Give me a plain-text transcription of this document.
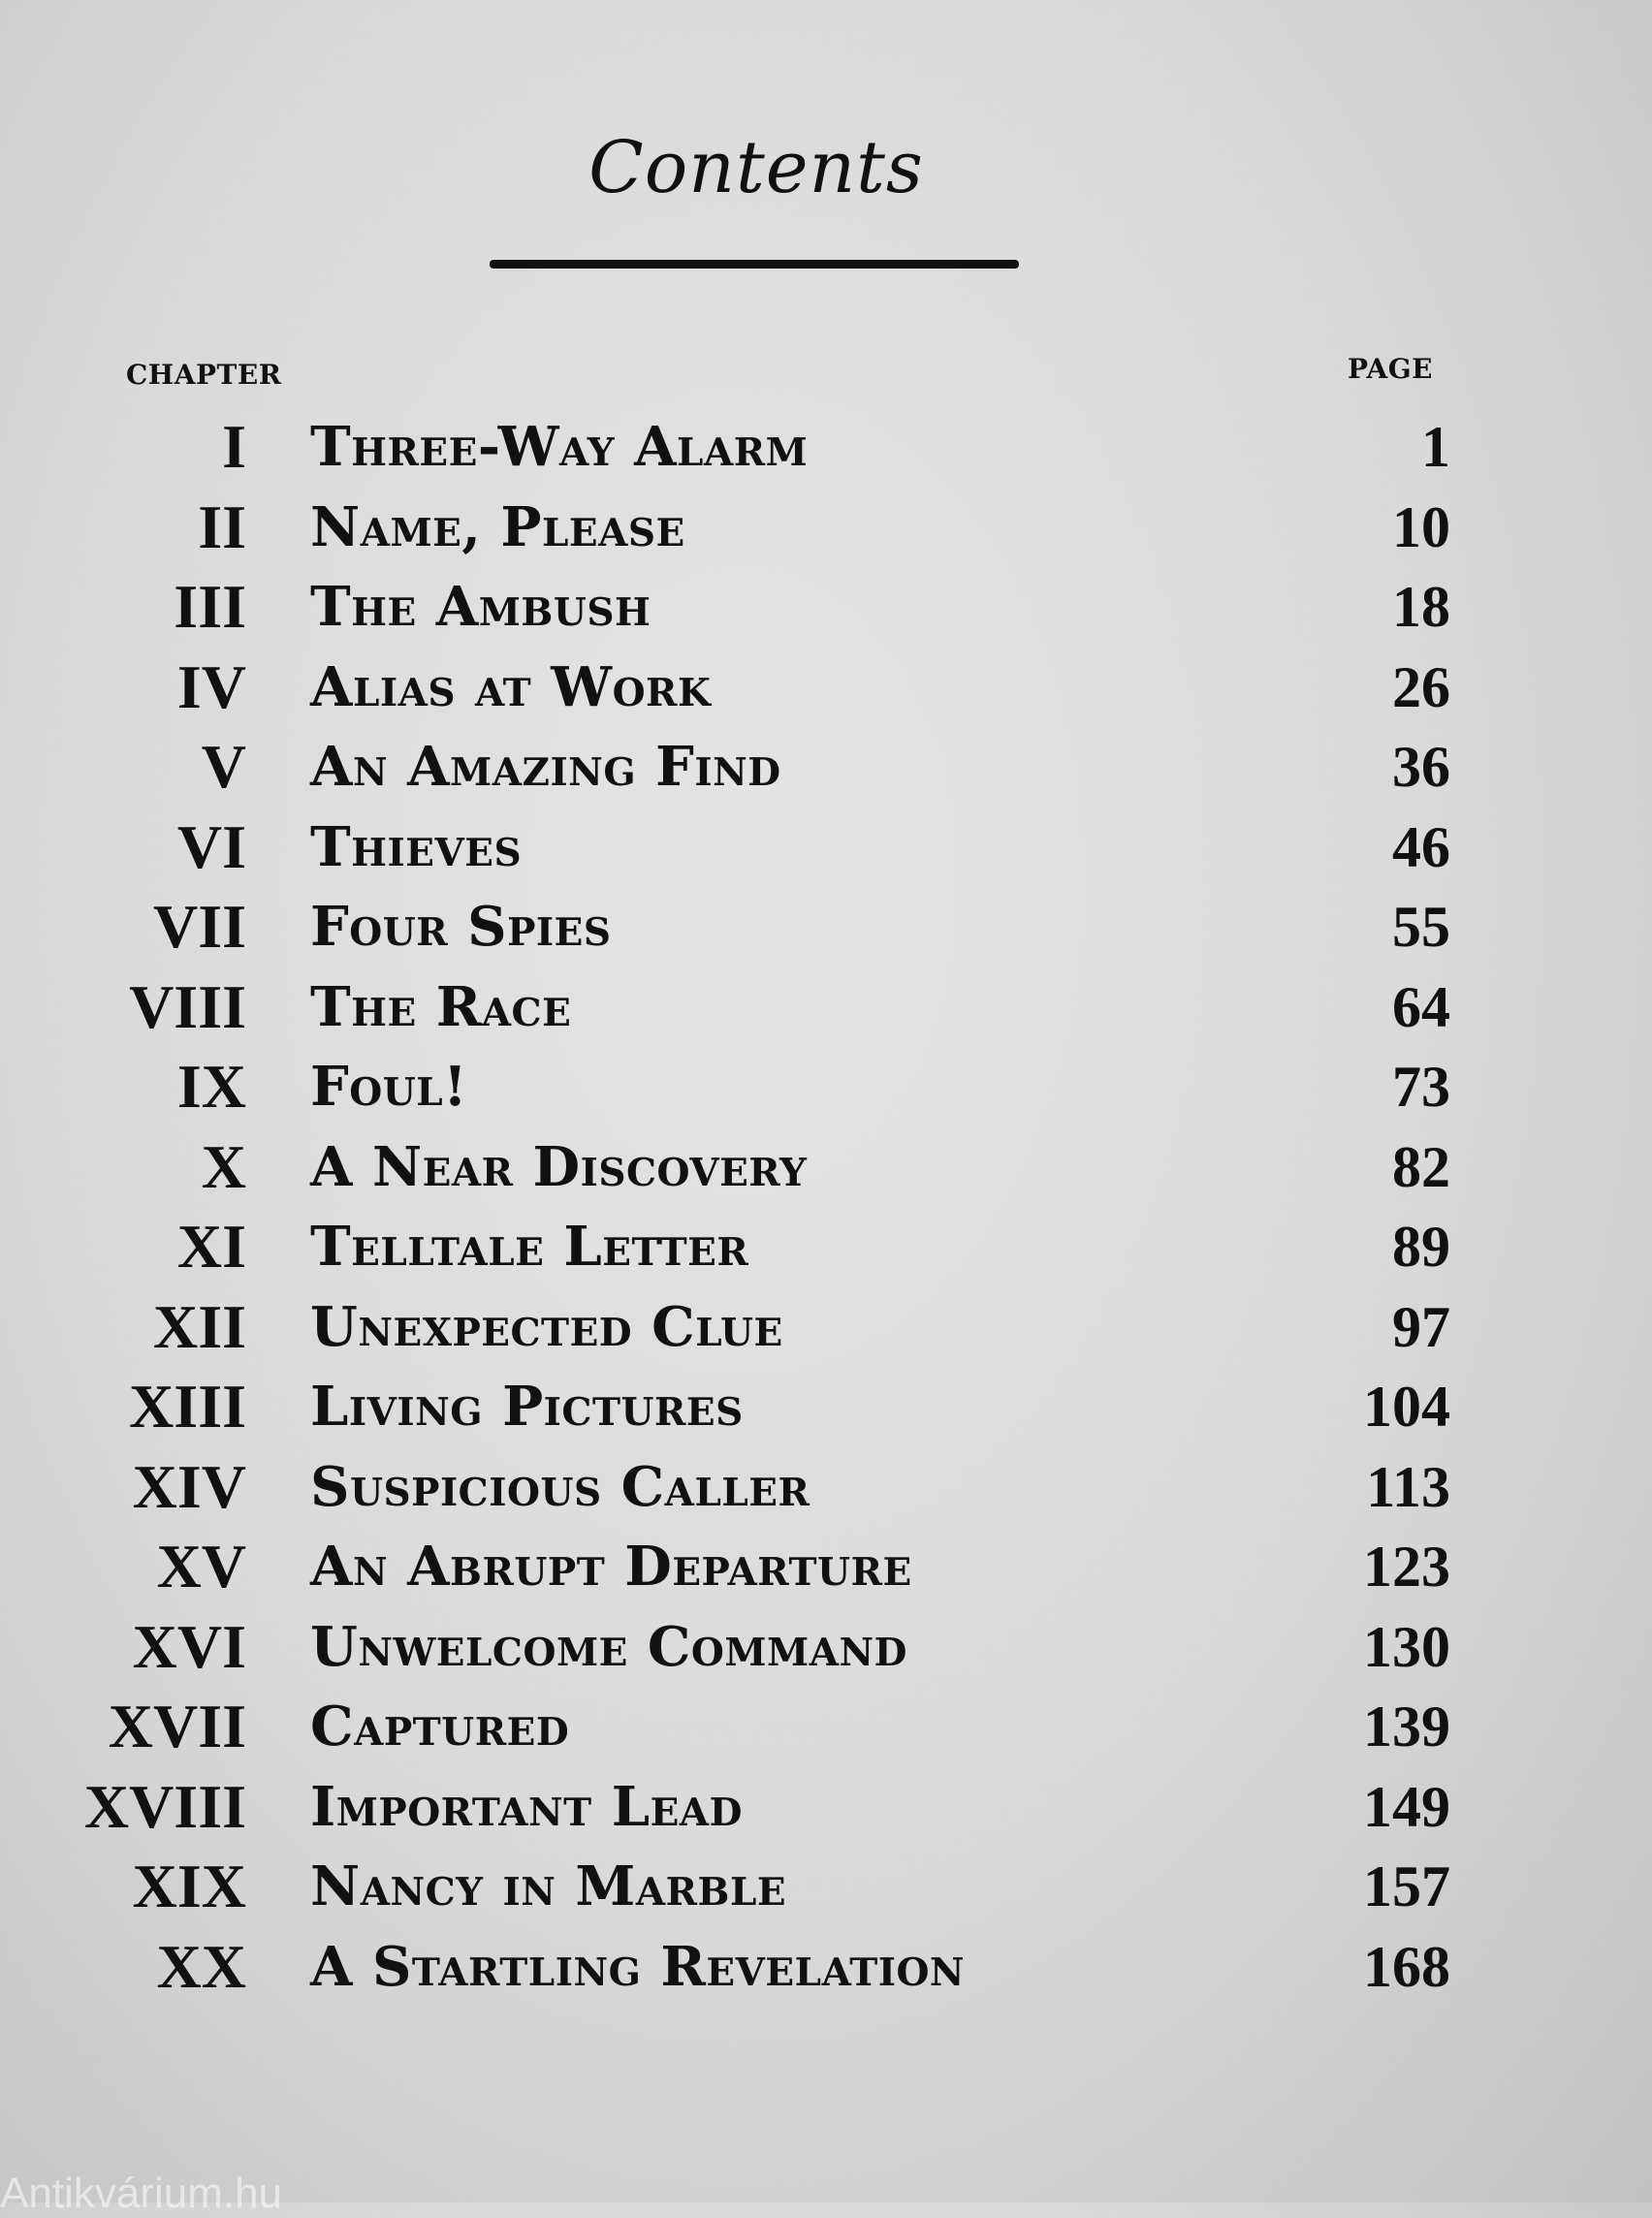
Contents
CHAPTER	PAGE
I Three-Way Alarm	1
II Name, Please	10
III The Ambush	18
IV Alias at Work	26
V An Amazing Find	36
VI Thieves	46
VII Four Spies	55
VIII The Race	64
IX Foul!	73
X A Near Discovery	82
XI Telltale Letter	89
XII Unexpected Clue	97
XIII Living Pictures	104
XIV Suspicious Caller	113
XV An Abrupt Departure	123
XVI Unwelcome Command	130
XVII Captured	139
XVIII Important Lead	149
XIX Nancy in Marble	157
XX A Startling Revelation	168
Antikvárium.hu
